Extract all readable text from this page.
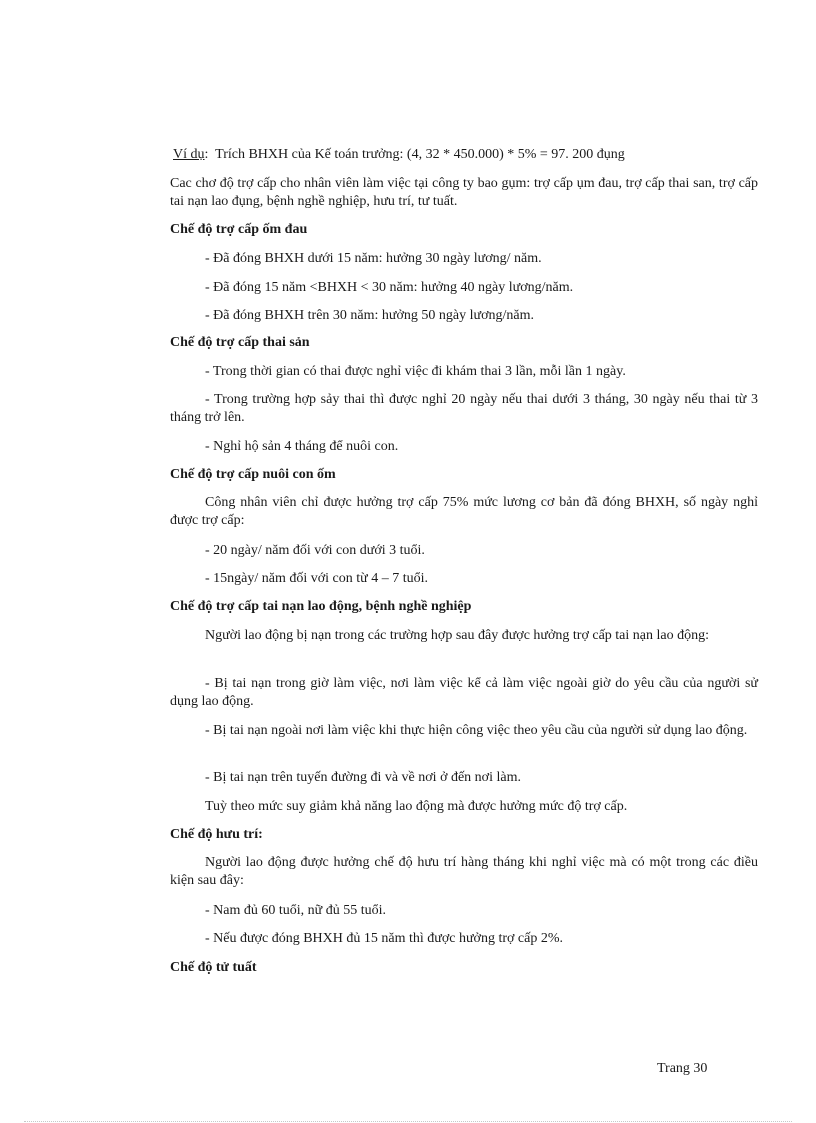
Ví dụ: Trích BHXH của Kế toán trưởng: (4, 32 * 450.000) * 5% = 97. 200 đụng

Cac chơ độ trợ cấp cho nhân viên làm việc tại công ty bao gụm: trợ cấp ụm đau, trợ cấp thai san, trợ cấp tai nạn lao đụng, bệnh nghề nghiệp, hưu trí, tư tuất.

Chế độ trợ cấp ốm đau

- Đã đóng BHXH dưới 15 năm: hưởng 30 ngày lương/ năm.

- Đã đóng 15 năm <BHXH < 30 năm: hưởng 40 ngày lương/năm.

- Đã đóng BHXH trên 30 năm: hưởng 50 ngày lương/năm.

Chế độ trợ cấp thai sản

- Trong thời gian có thai được nghỉ việc đi khám thai 3 lần, mỗi lần 1 ngày.

- Trong trường hợp sảy thai thì được nghỉ 20 ngày nếu thai dưới 3 tháng, 30 ngày nếu thai từ 3 tháng trở lên.

- Nghỉ hộ sản 4 tháng để nuôi con.

Chế độ trợ cấp nuôi con ốm

Công nhân viên chỉ được hưởng trợ cấp 75% mức lương cơ bản đã đóng BHXH, số ngày nghỉ được trợ cấp:

- 20 ngày/ năm đối với con dưới 3 tuổi.

- 15ngày/ năm đối với con từ 4 – 7 tuổi.

Chế độ trợ cấp tai nạn lao động, bệnh nghề nghiệp

Người lao động bị nạn trong các trường hợp sau đây được hưởng trợ cấp tai nạn lao động:

- Bị tai nạn trong giờ làm việc, nơi làm việc kể cả làm việc ngoài giờ do yêu cầu của người sử dụng lao động.

- Bị tai nạn ngoài nơi làm việc khi thực hiện công việc theo yêu cầu của người sử dụng lao động.

- Bị tai nạn trên tuyến đường đi và về nơi ở đến nơi làm.

Tuỳ theo mức suy giảm khả năng lao động mà được hưởng mức độ trợ cấp.

Chế độ hưu trí:

Người lao động được hưởng chế độ hưu trí hàng tháng khi nghỉ việc mà có một trong các điều kiện sau đây:

- Nam đủ 60 tuổi, nữ đủ 55 tuổi.

- Nếu được đóng BHXH đủ 15 năm thì được hưởng trợ cấp 2%.

Chế độ tử tuất

Trang 30
